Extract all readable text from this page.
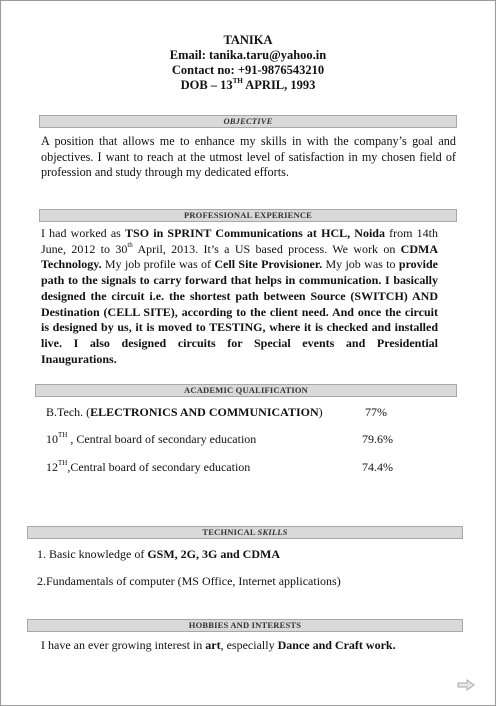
TANIKA
Email: tanika.taru@yahoo.in
Contact no: +91-9876543210
DOB – 13TH APRIL, 1993
OBJECTIVE
A position that allows me to enhance my skills in with the company’s goal and objectives. I want to reach at the utmost level of satisfaction in my chosen field of profession and study through my dedicated efforts.
PROFESSIONAL EXPERIENCE
I had worked as TSO in SPRINT Communications at HCL, Noida from 14th June, 2012 to 30th April, 2013. It’s a US based process. We work on CDMA Technology. My job profile was of Cell Site Provisioner. My job was to provide path to the signals to carry forward that helps in communication. I basically designed the circuit i.e. the shortest path between Source (SWITCH) AND Destination (CELL SITE), according to the client need. And once the circuit is designed by us, it is moved to TESTING, where it is checked and installed live. I also designed circuits for Special events and Presidential Inaugurations.
ACADEMIC QUALIFICATION
B.Tech. (ELECTRONICS AND COMMUNICATION)	77%
10TH , Central board of secondary education	79.6%
12TH,Central board of secondary education	74.4%
TECHNICAL SKILLS
1. Basic knowledge of GSM, 2G, 3G and CDMA
2.Fundamentals of computer (MS Office, Internet applications)
HOBBIES AND INTERESTS
I have an ever growing interest in art, especially Dance and Craft work.
